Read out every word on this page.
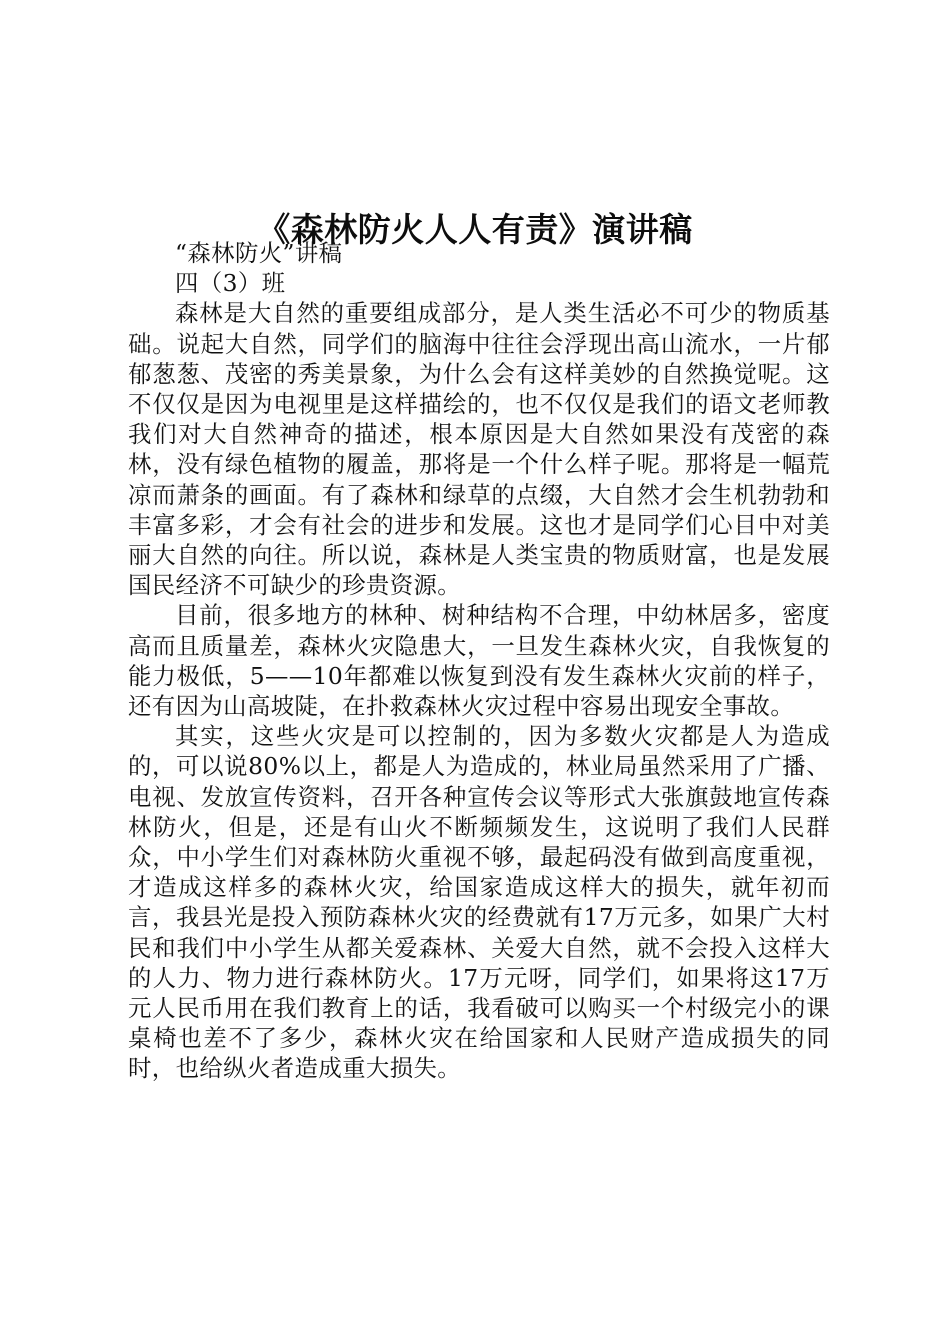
《森林防火人人有责》演讲稿

“森林防火”讲稿

四（3）班

森林是大自然的重要组成部分，是人类生活必不可少的物质基础。说起大自然，同学们的脑海中往往会浮现出高山流水，一片郁郁葱葱、茂密的秀美景象，为什么会有这样美妙的自然换觉呢。这不仅仅是因为电视里是这样描绘的，也不仅仅是我们的语文老师教我们对大自然神奇的描述，根本原因是大自然如果没有茂密的森林，没有绿色植物的履盖，那将是一个什么样子呢。那将是一幅荒凉而萧条的画面。有了森林和绿草的点缀，大自然才会生机勃勃和丰富多彩，才会有社会的进步和发展。这也才是同学们心目中对美丽大自然的向往。所以说，森林是人类宝贵的物质财富，也是发展国民经济不可缺少的珍贵资源。

目前，很多地方的林种、树种结构不合理，中幼林居多，密度高而且质量差，森林火灾隐患大，一旦发生森林火灾，自我恢复的能力极低，5——10年都难以恢复到没有发生森林火灾前的样子，还有因为山高坡陡，在扑救森林火灾过程中容易出现安全事故。

其实，这些火灾是可以控制的，因为多数火灾都是人为造成的，可以说80%以上，都是人为造成的，林业局虽然采用了广播、电视、发放宣传资料，召开各种宣传会议等形式大张旗鼓地宣传森林防火，但是，还是有山火不断频频发生，这说明了我们人民群众，中小学生们对森林防火重视不够，最起码没有做到高度重视，才造成这样多的森林火灾，给国家造成这样大的损失，就年初而言，我县光是投入预防森林火灾的经费就有17万元多，如果广大村民和我们中小学生从都关爱森林、关爱大自然，就不会投入这样大的人力、物力进行森林防火。17万元呀，同学们，如果将这17万元人民币用在我们教育上的话，我看破可以购买一个村级完小的课桌椅也差不了多少，森林火灾在给国家和人民财产造成损失的同时，也给纵火者造成重大损失。
